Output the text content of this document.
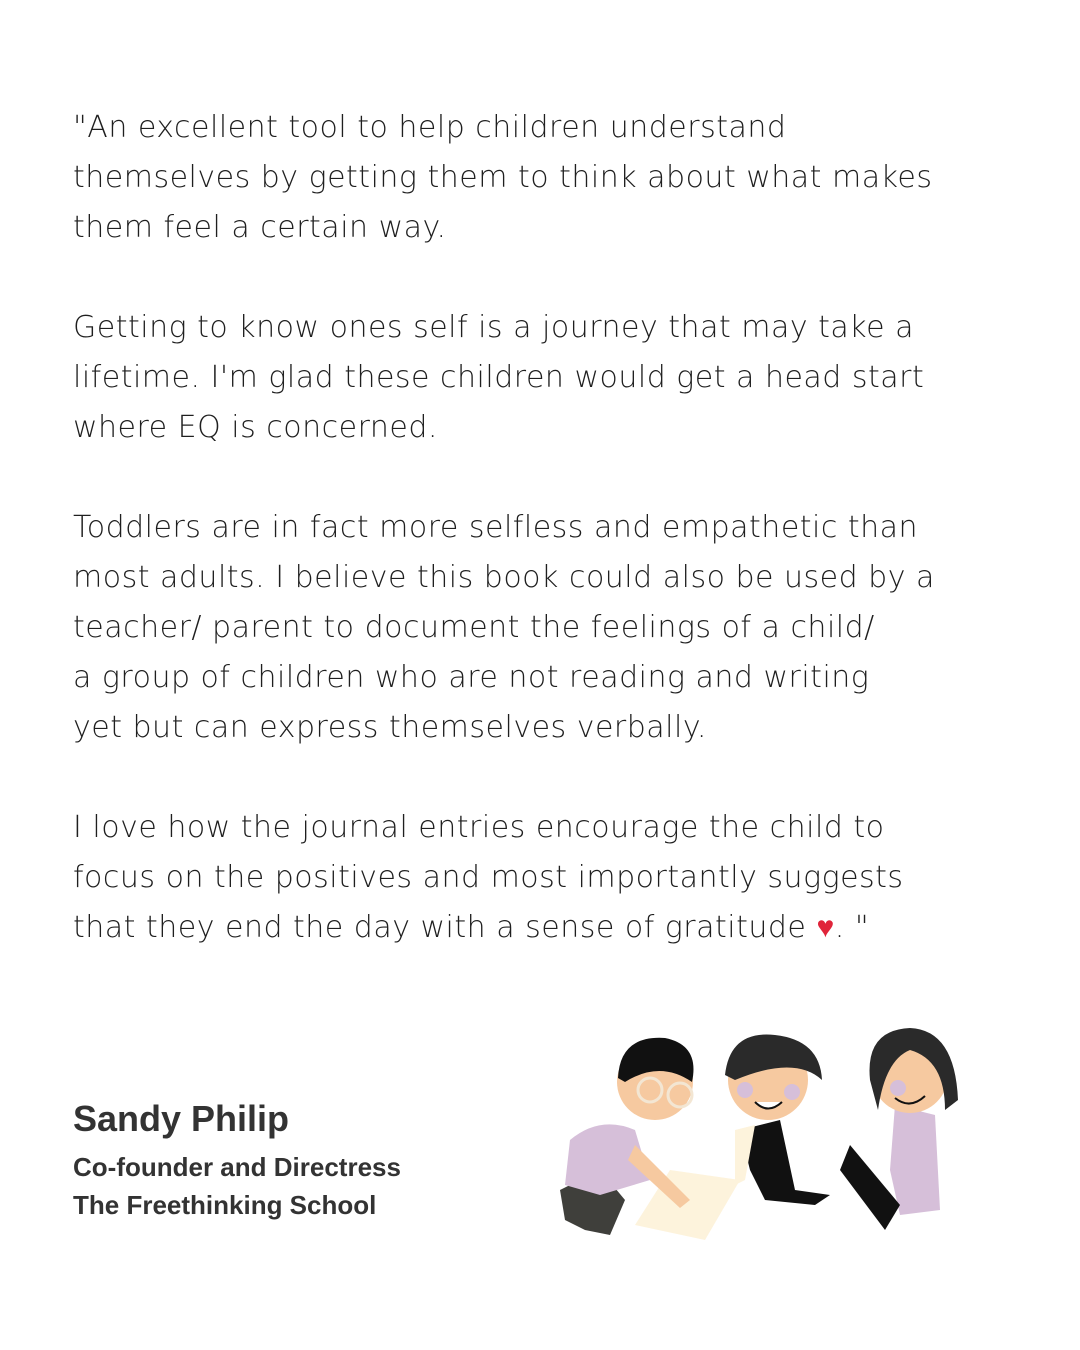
"An excellent tool to help children understand
themselves by getting them to think about what makes
them feel a certain way.

Getting to know ones self is a journey that may take a
lifetime. I'm glad these children would get a head start
where EQ is concerned.

Toddlers are in fact more selfless and empathetic than
most adults. I believe this book could also be used by a
teacher/ parent to document the feelings of a child/
a group of children who are not reading and writing
yet but can express themselves verbally.

I love how the journal entries encourage the child to
focus on the positives and most importantly suggests
that they end the day with a sense of gratitude ♥. "

Sandy Philip
Co-founder and Directress
The Freethinking School
